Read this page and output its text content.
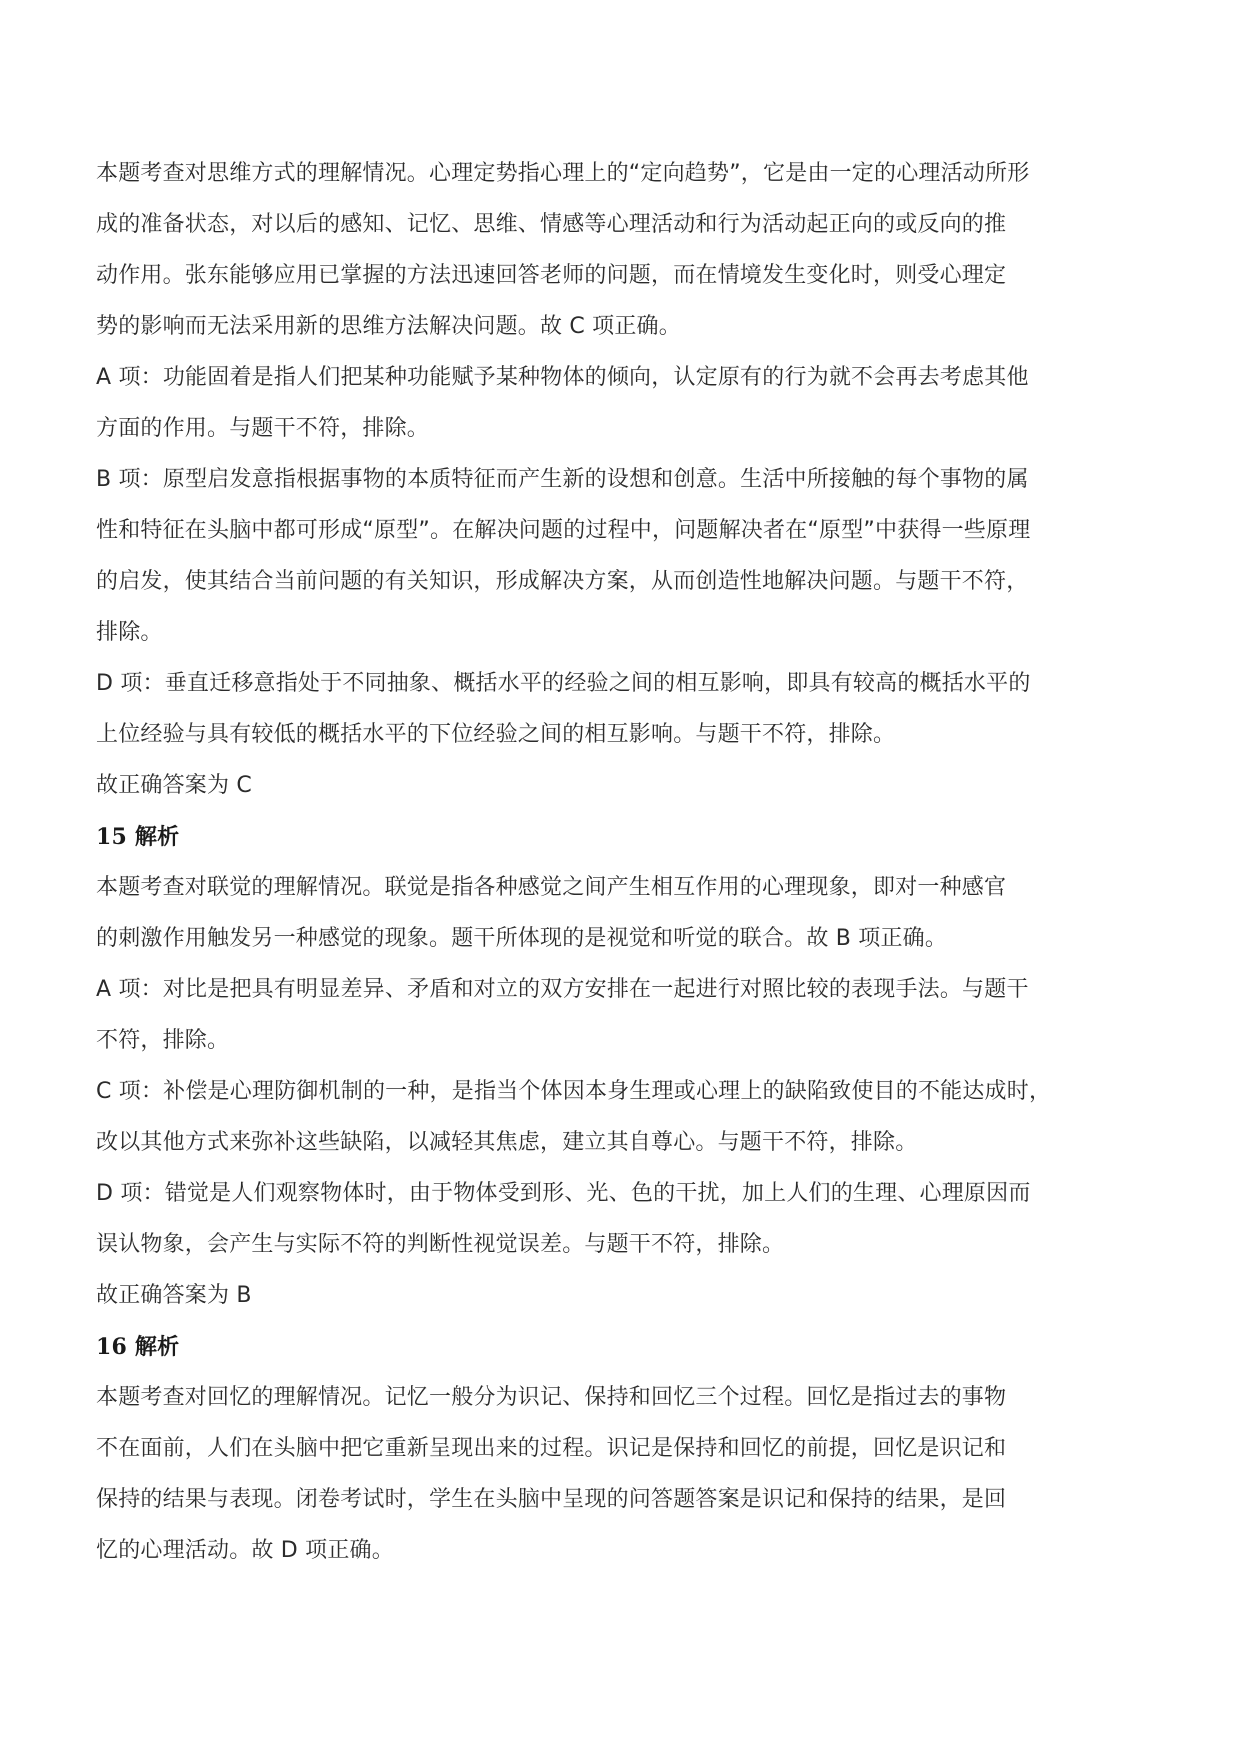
本题考查对思维方式的理解情况。心理定势指心理上的“定向趋势”，它是由一定的心理活动所形
成的准备状态，对以后的感知、记忆、思维、情感等心理活动和行为活动起正向的或反向的推
动作用。张东能够应用已掌握的方法迅速回答老师的问题，而在情境发生变化时，则受心理定
势的影响而无法采用新的思维方法解决问题。故 C 项正确。
A 项：功能固着是指人们把某种功能赋予某种物体的倾向，认定原有的行为就不会再去考虑其他
方面的作用。与题干不符，排除。
B 项：原型启发意指根据事物的本质特征而产生新的设想和创意。生活中所接触的每个事物的属
性和特征在头脑中都可形成“原型”。在解决问题的过程中，问题解决者在“原型”中获得一些原理
的启发，使其结合当前问题的有关知识，形成解决方案，从而创造性地解决问题。与题干不符，
排除。
D 项：垂直迁移意指处于不同抽象、概括水平的经验之间的相互影响，即具有较高的概括水平的
上位经验与具有较低的概括水平的下位经验之间的相互影响。与题干不符，排除。
故正确答案为 C
15 解析
本题考查对联觉的理解情况。联觉是指各种感觉之间产生相互作用的心理现象，即对一种感官
的刺激作用触发另一种感觉的现象。题干所体现的是视觉和听觉的联合。故 B 项正确。
A 项：对比是把具有明显差异、矛盾和对立的双方安排在一起进行对照比较的表现手法。与题干
不符，排除。
C 项：补偿是心理防御机制的一种，是指当个体因本身生理或心理上的缺陷致使目的不能达成时，
改以其他方式来弥补这些缺陷，以减轻其焦虑，建立其自尊心。与题干不符，排除。
D 项：错觉是人们观察物体时，由于物体受到形、光、色的干扰，加上人们的生理、心理原因而
误认物象，会产生与实际不符的判断性视觉误差。与题干不符，排除。
故正确答案为 B
16 解析
本题考查对回忆的理解情况。记忆一般分为识记、保持和回忆三个过程。回忆是指过去的事物
不在面前，人们在头脑中把它重新呈现出来的过程。识记是保持和回忆的前提，回忆是识记和
保持的结果与表现。闭卷考试时，学生在头脑中呈现的问答题答案是识记和保持的结果，是回
忆的心理活动。故 D 项正确。
